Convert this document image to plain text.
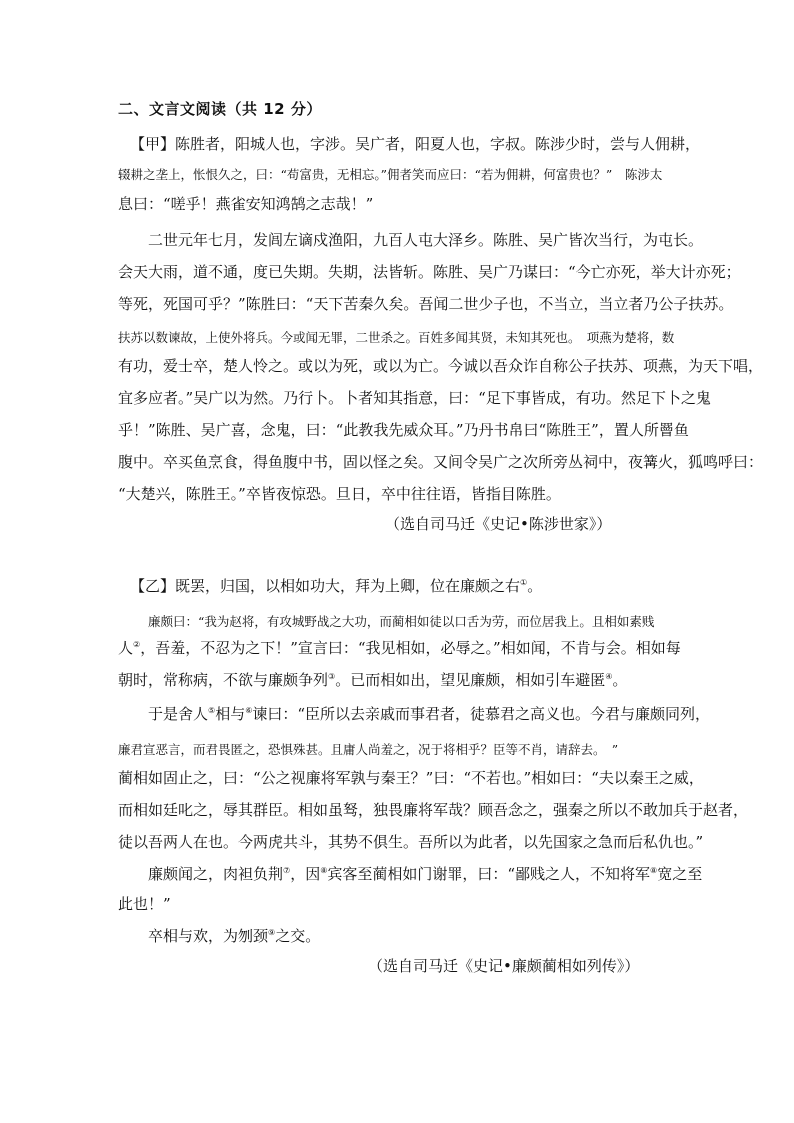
二、文言文阅读（共 12 分）
【甲】陈胜者，阳城人也，字涉。吴广者，阳夏人也，字叔。陈涉少时，尝与人佣耕，
辍耕之垄上，怅恨久之，曰：“苟富贵，无相忘。”佣者笑而应曰：“若为佣耕，何富贵也？”　陈涉太
息曰：“嗟乎！燕雀安知鸿鹄之志哉！”
二世元年七月，发闾左谪戍渔阳，九百人屯大泽乡。陈胜、吴广皆次当行，为屯长。
会天大雨，道不通，度已失期。失期，法皆斩。陈胜、吴广乃谋曰：“今亡亦死，举大计亦死；
等死，死国可乎？”陈胜曰：“天下苦秦久矣。吾闻二世少子也，不当立，当立者乃公子扶苏。
扶苏以数谏故，上使外将兵。今或闻无罪，二世杀之。百姓多闻其贤，未知其死也。　项燕为楚将，数
有功，爱士卒，楚人怜之。或以为死，或以为亡。今诚以吾众诈自称公子扶苏、项燕，为天下唱，
宜多应者。”吴广以为然。乃行卜。卜者知其指意，曰：“足下事皆成，有功。然足下卜之鬼
乎！”陈胜、吴广喜，念鬼，曰：“此教我先威众耳。”乃丹书帛曰“陈胜王”，置人所罾鱼
腹中。卒买鱼烹食，得鱼腹中书，固以怪之矣。又间令吴广之次所旁丛祠中，夜篝火，狐鸣呼曰：
“大楚兴，陈胜王。”卒皆夜惊恐。旦日，卒中往往语，皆指目陈胜。
（选自司马迁《史记•陈涉世家》）
【乙】既罢，归国，以相如功大，拜为上卿，位在廉颇之右①。
廉颇曰：“我为赵将，有攻城野战之大功，而蔺相如徒以口舌为劳，而位居我上。且相如素贱
人②，吾羞，不忍为之下！”宣言曰：“我见相如，必辱之。”相如闻，不肯与会。相如每
朝时，常称病，不欲与廉颇争列③。已而相如出，望见廉颇，相如引车避匿④。
于是舍人⑤相与⑥谏曰：“臣所以去亲戚而事君者，徒慕君之高义也。今君与廉颇同列，
廉君宣恶言，而君畏匿之，恐惧殊甚。且庸人尚羞之，况于将相乎？臣等不肖，请辞去。　”
蔺相如固止之，曰：“公之视廉将军孰与秦王？”曰：“不若也。”相如曰：“夫以秦王之威，
而相如廷叱之，辱其群臣。相如虽驽，独畏廉将军哉？顾吾念之，强秦之所以不敢加兵于赵者，
徒以吾两人在也。今两虎共斗，其势不俱生。吾所以为此者，以先国家之急而后私仇也。”
廉颇闻之，肉袒负荆⑦，因⑧宾客至蔺相如门谢罪，曰：“鄙贱之人，不知将军⑧宽之至
此也！”
卒相与欢，为刎颈⑨之交。
（选自司马迁《史记•廉颇蔺相如列传》）
